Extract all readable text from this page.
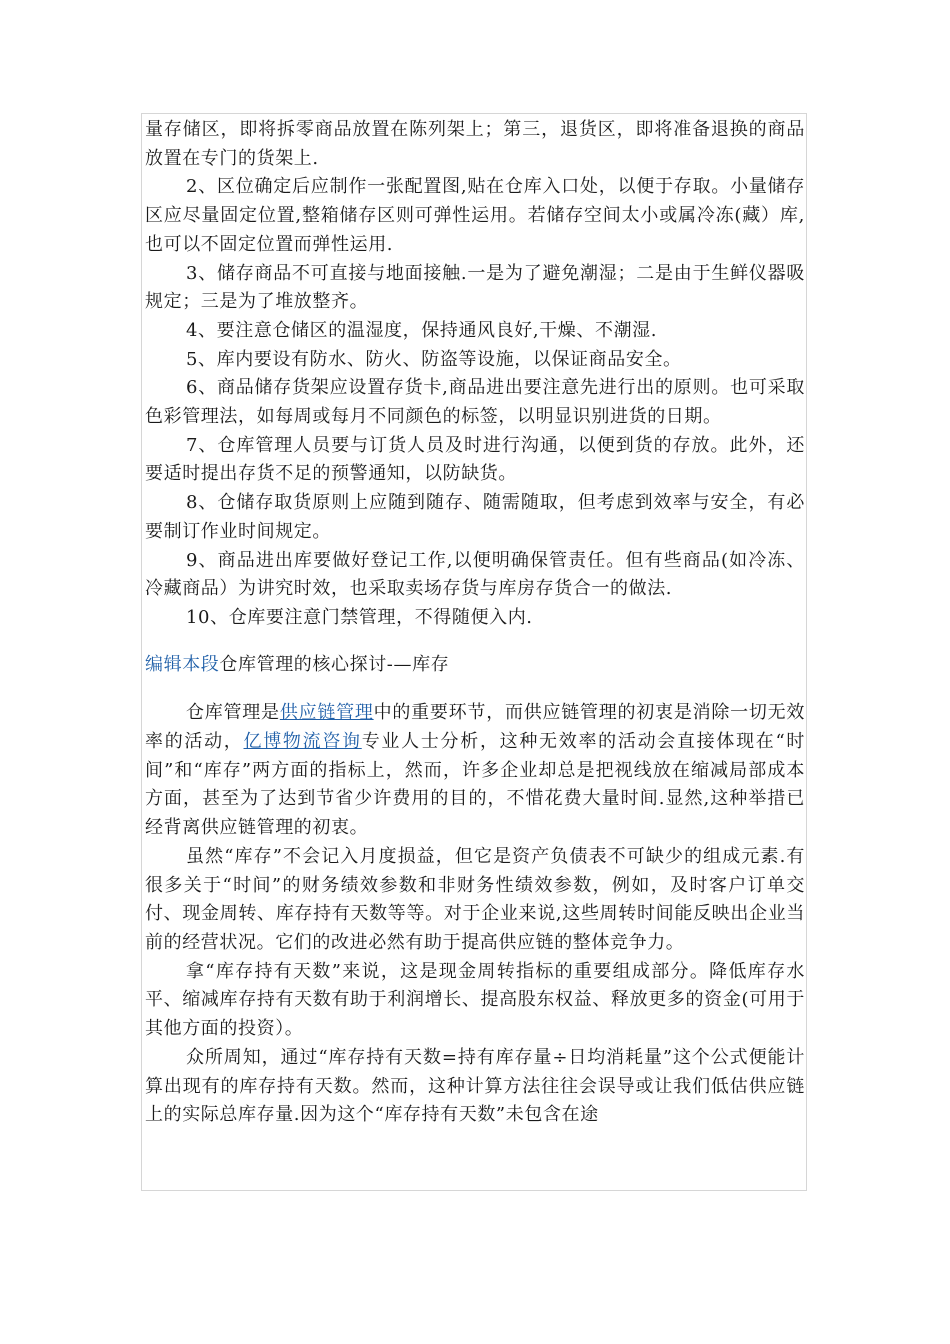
量存储区，即将拆零商品放置在陈列架上；第三，退货区，即将准备退换的商品放置在专门的货架上.

2、区位确定后应制作一张配置图,贴在仓库入口处，以便于存取。小量储存区应尽量固定位置,整箱储存区则可弹性运用。若储存空间太小或属冷冻(藏）库,也可以不固定位置而弹性运用.

3、储存商品不可直接与地面接触.一是为了避免潮湿；二是由于生鲜仪器吸规定；三是为了堆放整齐。

4、要注意仓储区的温湿度，保持通风良好,干燥、不潮湿.

5、库内要设有防水、防火、防盗等设施，以保证商品安全。

6、商品储存货架应设置存货卡,商品进出要注意先进行出的原则。也可采取色彩管理法，如每周或每月不同颜色的标签，以明显识别进货的日期。

7、仓库管理人员要与订货人员及时进行沟通，以便到货的存放。此外，还要适时提出存货不足的预警通知，以防缺货。

8、仓储存取货原则上应随到随存、随需随取，但考虑到效率与安全，有必要制订作业时间规定。

9、商品进出库要做好登记工作,以便明确保管责任。但有些商品(如冷冻、冷藏商品）为讲究时效，也采取卖场存货与库房存货合一的做法.

10、仓库要注意门禁管理，不得随便入内.

编辑本段仓库管理的核心探讨-—库存

仓库管理是供应链管理中的重要环节，而供应链管理的初衷是消除一切无效率的活动，亿博物流咨询专业人士分析，这种无效率的活动会直接体现在“时间”和“库存”两方面的指标上，然而，许多企业却总是把视线放在缩减局部成本方面，甚至为了达到节省少许费用的目的，不惜花费大量时间.显然,这种举措已经背离供应链管理的初衷。

虽然“库存”不会记入月度损益，但它是资产负债表不可缺少的组成元素.有很多关于“时间”的财务绩效参数和非财务性绩效参数，例如，及时客户订单交付、现金周转、库存持有天数等等。对于企业来说,这些周转时间能反映出企业当前的经营状况。它们的改进必然有助于提高供应链的整体竞争力。

拿“库存持有天数”来说，这是现金周转指标的重要组成部分。降低库存水平、缩减库存持有天数有助于利润增长、提高股东权益、释放更多的资金(可用于其他方面的投资）。

众所周知，通过“库存持有天数=持有库存量÷日均消耗量”这个公式便能计算出现有的库存持有天数。然而，这种计算方法往往会误导或让我们低估供应链上的实际总库存量.因为这个“库存持有天数”未包含在途
